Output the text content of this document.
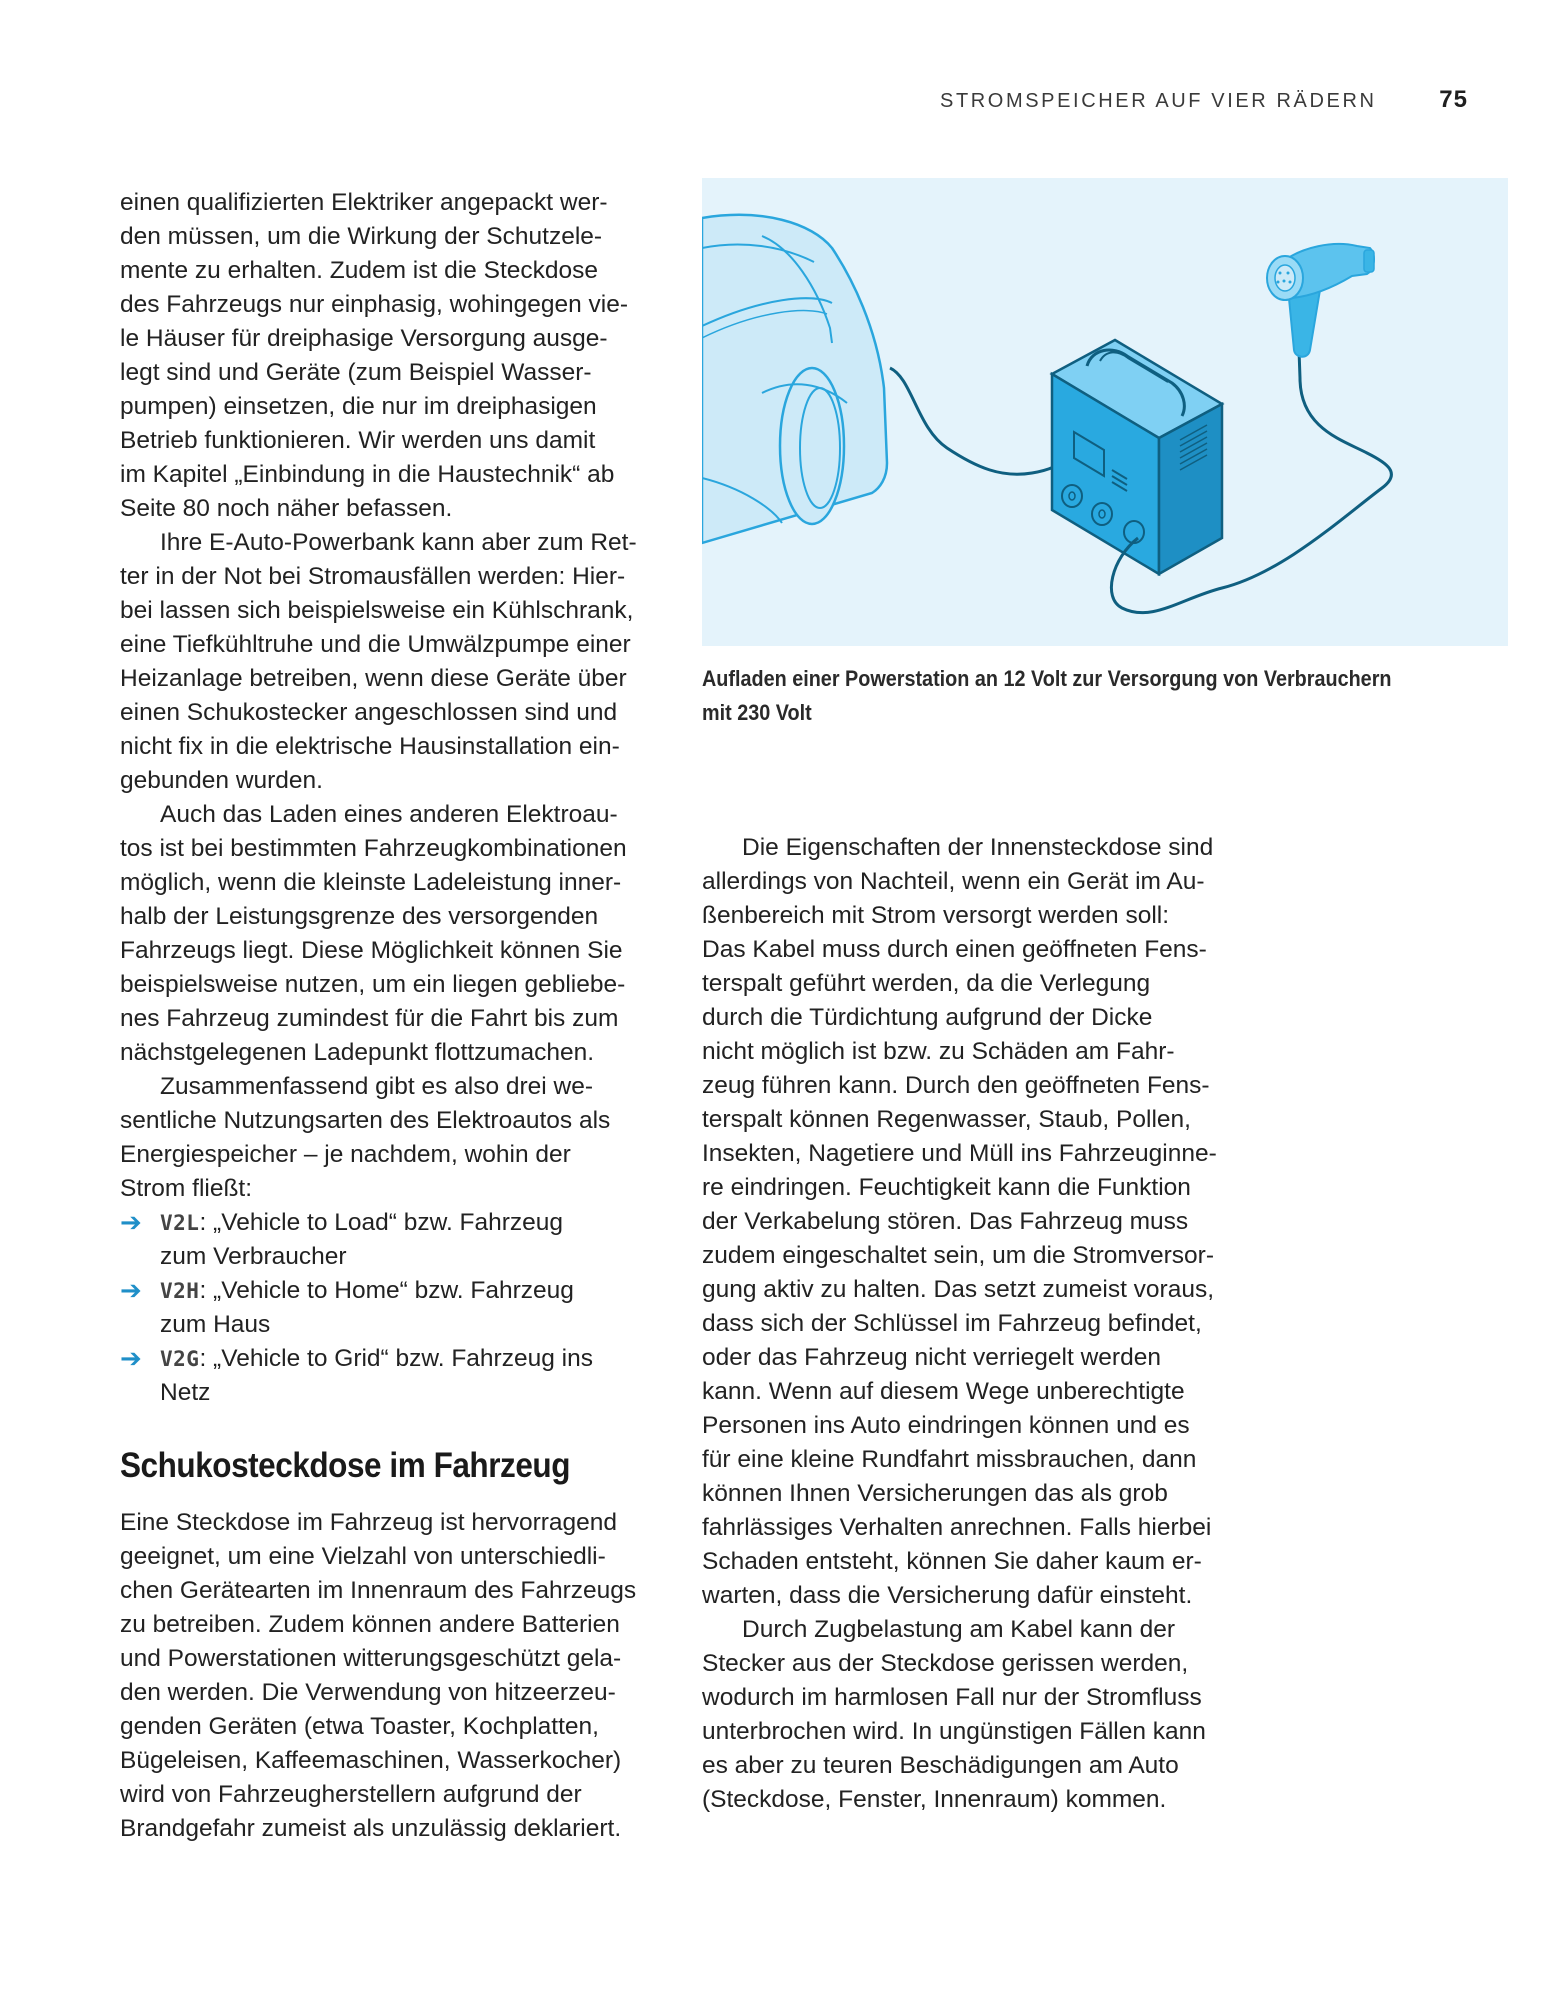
STROMSPEICHER AUF VIER RÄDERN	75
Aufladen einer Powerstation an 12 Volt zur Versorgung von Verbrauchern
mit 230 Volt
einen qualifizierten Elektriker angepackt wer-
den müssen, um die Wirkung der Schutzele-
mente zu erhalten. Zudem ist die Steckdose
des Fahrzeugs nur einphasig, wohingegen vie-
le Häuser für dreiphasige Versorgung ausge-
legt sind und Geräte (zum Beispiel Wasser-
pumpen) einsetzen, die nur im dreiphasigen
Betrieb funktionieren. Wir werden uns damit
im Kapitel „Einbindung in die Haustechnik“ ab
Seite 80 noch näher befassen.
Ihre E-Auto-Powerbank kann aber zum Ret-
ter in der Not bei Stromausfällen werden: Hier-
bei lassen sich beispielsweise ein Kühlschrank,
eine Tiefkühltruhe und die Umwälzpumpe einer
Heizanlage betreiben, wenn diese Geräte über
einen Schukostecker angeschlossen sind und
nicht fix in die elektrische Hausinstallation ein-
gebunden wurden.
Auch das Laden eines anderen Elektroau-
tos ist bei bestimmten Fahrzeugkombinationen
möglich, wenn die kleinste Ladeleistung inner-
halb der Leistungsgrenze des versorgenden
Fahrzeugs liegt. Diese Möglichkeit können Sie
beispielsweise nutzen, um ein liegen gebliebe-
nes Fahrzeug zumindest für die Fahrt bis zum
nächstgelegenen Ladepunkt flottzumachen.
Zusammenfassend gibt es also drei we-
sentliche Nutzungsarten des Elektroautos als
Energiespeicher – je nachdem, wohin der
Strom fließt:
➔ V2L: „Vehicle to Load“ bzw. Fahrzeug
zum Verbraucher
➔ V2H: „Vehicle to Home“ bzw. Fahrzeug
zum Haus
➔ V2G: „Vehicle to Grid“ bzw. Fahrzeug ins
Netz
Schukosteckdose im Fahrzeug
Eine Steckdose im Fahrzeug ist hervorragend
geeignet, um eine Vielzahl von unterschiedli-
chen Gerätearten im Innenraum des Fahrzeugs
zu betreiben. Zudem können andere Batterien
und Powerstationen witterungsgeschützt gela-
den werden. Die Verwendung von hitzeerzeu-
genden Geräten (etwa Toaster, Kochplatten,
Bügeleisen, Kaffeemaschinen, Wasserkocher)
wird von Fahrzeugherstellern aufgrund der
Brandgefahr zumeist als unzulässig deklariert.
Die Eigenschaften der Innensteckdose sind
allerdings von Nachteil, wenn ein Gerät im Au-
ßenbereich mit Strom versorgt werden soll:
Das Kabel muss durch einen geöffneten Fens-
terspalt geführt werden, da die Verlegung
durch die Türdichtung aufgrund der Dicke
nicht möglich ist bzw. zu Schäden am Fahr-
zeug führen kann. Durch den geöffneten Fens-
terspalt können Regenwasser, Staub, Pollen,
Insekten, Nagetiere und Müll ins Fahrzeuginne-
re eindringen. Feuchtigkeit kann die Funktion
der Verkabelung stören. Das Fahrzeug muss
zudem eingeschaltet sein, um die Stromversor-
gung aktiv zu halten. Das setzt zumeist voraus,
dass sich der Schlüssel im Fahrzeug befindet,
oder das Fahrzeug nicht verriegelt werden
kann. Wenn auf diesem Wege unberechtigte
Personen ins Auto eindringen können und es
für eine kleine Rundfahrt missbrauchen, dann
können Ihnen Versicherungen das als grob
fahrlässiges Verhalten anrechnen. Falls hierbei
Schaden entsteht, können Sie daher kaum er-
warten, dass die Versicherung dafür einsteht.
Durch Zugbelastung am Kabel kann der
Stecker aus der Steckdose gerissen werden,
wodurch im harmlosen Fall nur der Stromfluss
unterbrochen wird. In ungünstigen Fällen kann
es aber zu teuren Beschädigungen am Auto
(Steckdose, Fenster, Innenraum) kommen.
